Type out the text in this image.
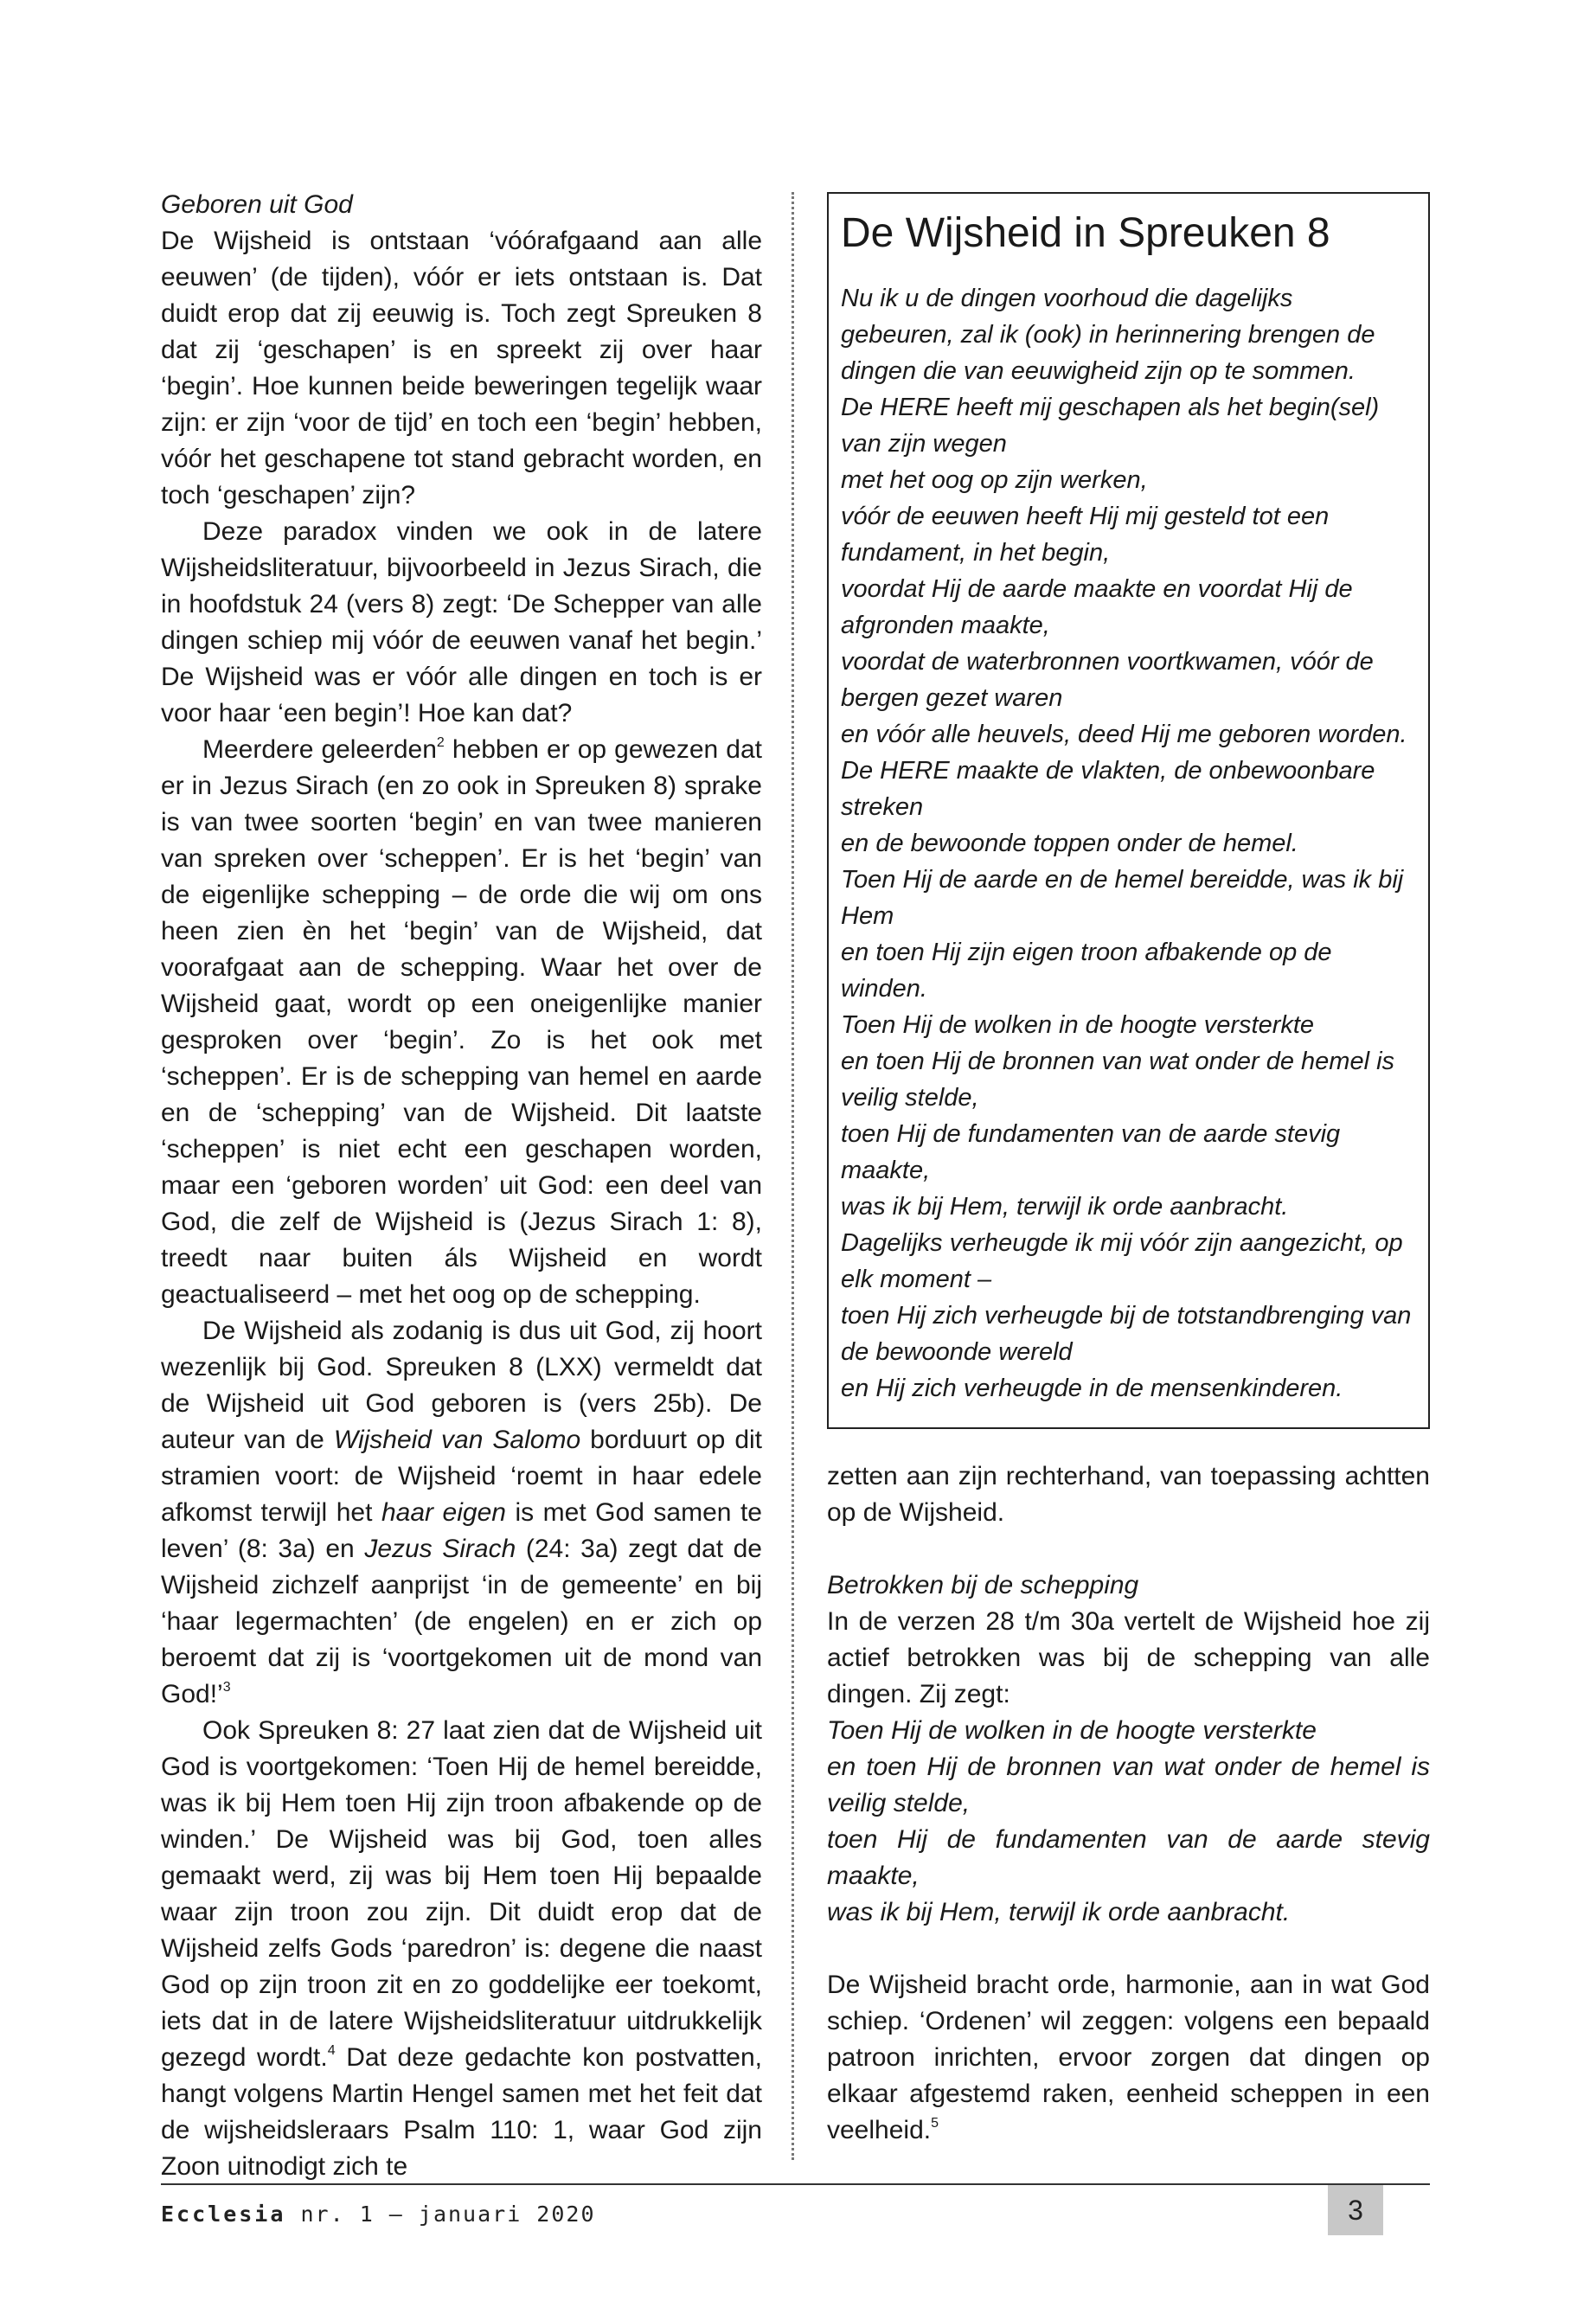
Geboren uit God

De Wijsheid is ontstaan ‘vóórafgaand aan alle eeuwen’ (de tijden), vóór er iets ontstaan is. Dat duidt erop dat zij eeuwig is. Toch zegt Spreuken 8 dat zij ‘geschapen’ is en spreekt zij over haar ‘begin’. Hoe kunnen beide beweringen tegelijk waar zijn: er zijn ‘voor de tijd’ en toch een ‘begin’ hebben, vóór het geschapene tot stand gebracht worden, en toch ‘geschapen’ zijn?

Deze paradox vinden we ook in de latere Wijsheidsliteratuur, bijvoorbeeld in Jezus Sirach, die in hoofdstuk 24 (vers 8) zegt: ‘De Schepper van alle dingen schiep mij vóór de eeuwen vanaf het begin.’ De Wijsheid was er vóór alle dingen en toch is er voor haar ‘een begin’! Hoe kan dat?

Meerdere geleerden$^2$ hebben er op gewezen dat er in Jezus Sirach (en zo ook in Spreuken 8) sprake is van twee soorten ‘begin’ en van twee manieren van spreken over ‘scheppen’. Er is het ‘begin’ van de eigenlijke schepping – de orde die wij om ons heen zien èn het ‘begin’ van de Wijsheid, dat voorafgaat aan de schepping. Waar het over de Wijsheid gaat, wordt op een oneigenlijke manier gesproken over ‘begin’. Zo is het ook met ‘scheppen’. Er is de schepping van hemel en aarde en de ‘schepping’ van de Wijsheid. Dit laatste ‘scheppen’ is niet echt een geschapen worden, maar een ‘geboren worden’ uit God: een deel van God, die zelf de Wijsheid is (Jezus Sirach 1: 8), treedt naar buiten áls Wijsheid en wordt geactualiseerd – met het oog op de schepping.

De Wijsheid als zodanig is dus uit God, zij hoort wezenlijk bij God. Spreuken 8 (LXX) vermeldt dat de Wijsheid uit God geboren is (vers 25b). De auteur van de Wijsheid van Salomo borduurt op dit stramien voort: de Wijsheid ‘roemt in haar edele afkomst terwijl het haar eigen is met God samen te leven’ (8: 3a) en Jezus Sirach (24: 3a) zegt dat de Wijsheid zichzelf aanprijst ‘in de gemeente’ en bij ‘haar legermachten’ (de engelen) en er zich op beroemt dat zij is ‘voortgekomen uit de mond van God!’$^3$

Ook Spreuken 8: 27 laat zien dat de Wijsheid uit God is voortgekomen: ‘Toen Hij de hemel bereidde, was ik bij Hem toen Hij zijn troon afbakende op de winden.’ De Wijsheid was bij God, toen alles gemaakt werd, zij was bij Hem toen Hij bepaalde waar zijn troon zou zijn. Dit duidt erop dat de Wijsheid zelfs Gods ‘paredron’ is: degene die naast God op zijn troon zit en zo goddelijke eer toekomt, iets dat in de latere Wijsheidsliteratuur uitdrukkelijk gezegd wordt.$^4$ Dat deze gedachte kon postvatten, hangt volgens Martin Hengel samen met het feit dat de wijsheidsleraars Psalm 110: 1, waar God zijn Zoon uitnodigt zich te

De Wijsheid in Spreuken 8
Nu ik u de dingen voorhoud die dagelijks gebeuren, zal ik (ook) in herinnering brengen de dingen die van eeuwigheid zijn op te sommen.
De HERE heeft mij geschapen als het begin(sel) van zijn wegen
met het oog op zijn werken,
vóór de eeuwen heeft Hij mij gesteld tot een fundament, in het begin,
voordat Hij de aarde maakte en voordat Hij de afgronden maakte,
voordat de waterbronnen voortkwamen, vóór de bergen gezet waren
en vóór alle heuvels, deed Hij me geboren worden.
De HERE maakte de vlakten, de onbewoonbare streken
en de bewoonde toppen onder de hemel.
Toen Hij de aarde en de hemel bereidde, was ik bij Hem
en toen Hij zijn eigen troon afbakende op de winden.
Toen Hij de wolken in de hoogte versterkte
en toen Hij de bronnen van wat onder de hemel is veilig stelde,
toen Hij de fundamenten van de aarde stevig maakte,
was ik bij Hem, terwijl ik orde aanbracht.
Dagelijks verheugde ik mij vóór zijn aangezicht, op elk moment –
toen Hij zich verheugde bij de totstandbrenging van de bewoonde wereld
en Hij zich verheugde in de mensenkinderen.

zetten aan zijn rechterhand, van toepassing achtten op de Wijsheid.

Betrokken bij de schepping

In de verzen 28 t/m 30a vertelt de Wijsheid hoe zij actief betrokken was bij de schepping van alle dingen. Zij zegt:

Toen Hij de wolken in de hoogte versterkte

en toen Hij de bronnen van wat onder de hemel is veilig stelde,

toen Hij de fundamenten van de aarde stevig maakte,

was ik bij Hem, terwijl ik orde aanbracht.

De Wijsheid bracht orde, harmonie, aan in wat God schiep. ‘Ordenen’ wil zeggen: volgens een bepaald patroon inrichten, ervoor zorgen dat dingen op elkaar afgestemd raken, eenheid scheppen in een veelheid.$^5$

Ecclesia nr. 1 — januari 2020	3
